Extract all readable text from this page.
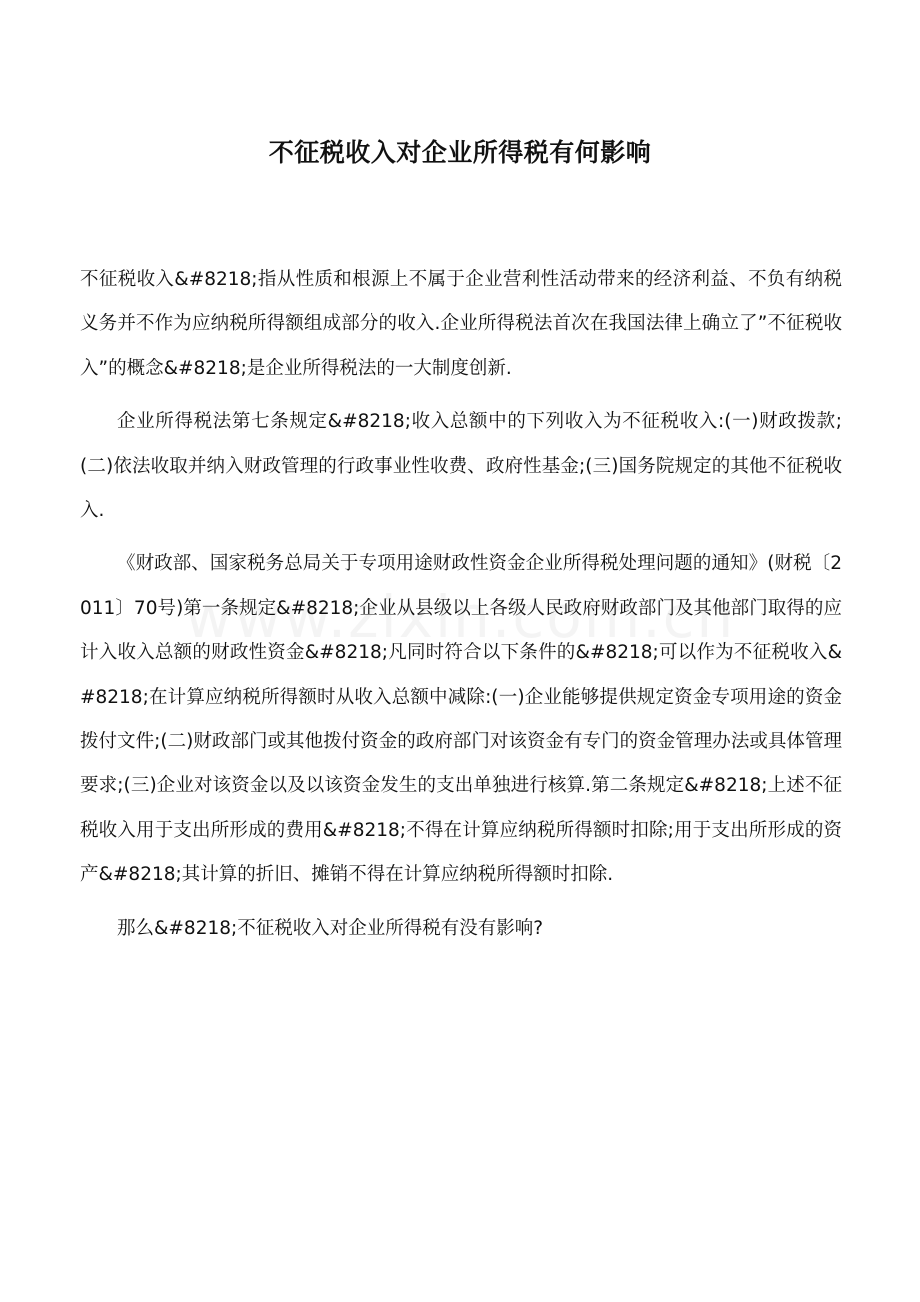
不征税收入对企业所得税有何影响

不征税收入&#8218;指从性质和根源上不属于企业营利性活动带来的经济利益、不负有纳税义务并不作为应纳税所得额组成部分的收入.企业所得税法首次在我国法律上确立了”不征税收入”的概念&#8218;是企业所得税法的一大制度创新.

企业所得税法第七条规定&#8218;收入总额中的下列收入为不征税收入:(一)财政拨款;(二)依法收取并纳入财政管理的行政事业性收费、政府性基金;(三)国务院规定的其他不征税收入.

《财政部、国家税务总局关于专项用途财政性资金企业所得税处理问题的通知》(财税〔2011〕70号)第一条规定&#8218;企业从县级以上各级人民政府财政部门及其他部门取得的应计入收入总额的财政性资金&#8218;凡同时符合以下条件的&#8218;可以作为不征税收入&#8218;在计算应纳税所得额时从收入总额中减除:(一)企业能够提供规定资金专项用途的资金拨付文件;(二)财政部门或其他拨付资金的政府部门对该资金有专门的资金管理办法或具体管理要求;(三)企业对该资金以及以该资金发生的支出单独进行核算.第二条规定&#8218;上述不征税收入用于支出所形成的费用&#8218;不得在计算应纳税所得额时扣除;用于支出所形成的资产&#8218;其计算的折旧、摊销不得在计算应纳税所得额时扣除.

那么&#8218;不征税收入对企业所得税有没有影响?
